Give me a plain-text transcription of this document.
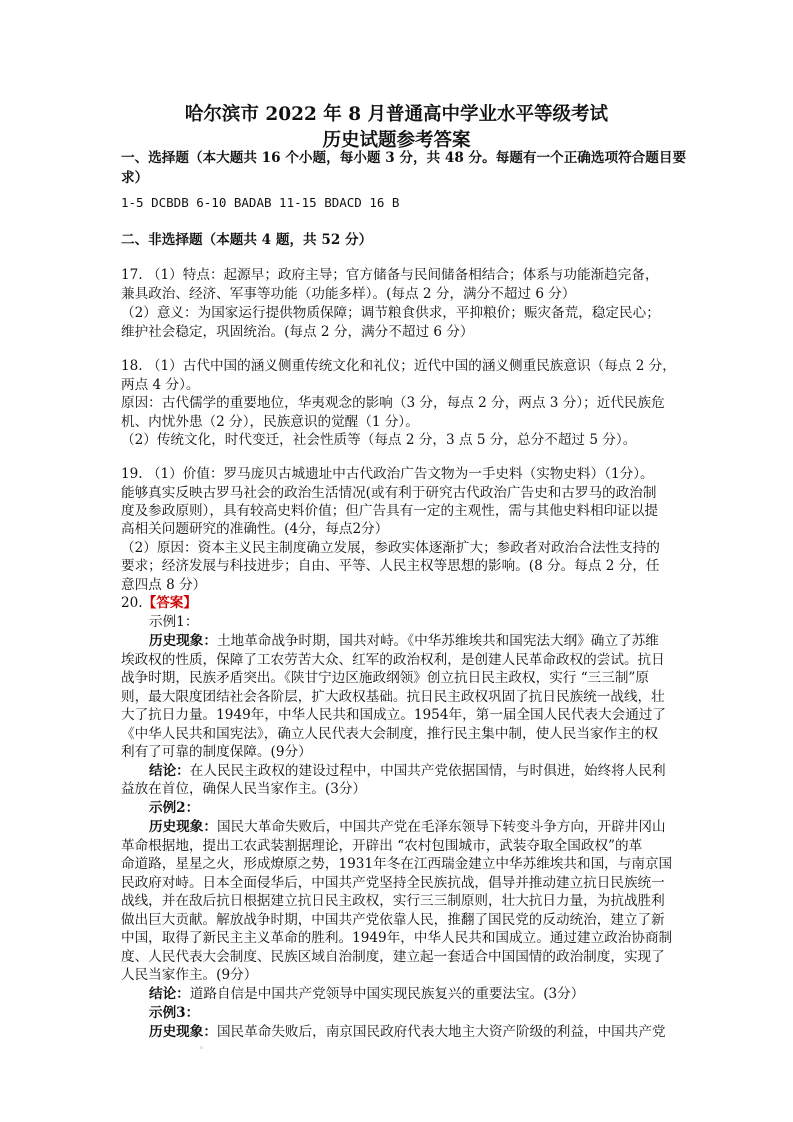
哈尔滨市 2022 年 8 月普通高中学业水平等级考试
历史试题参考答案
一、选择题（本大题共 16 个小题，每小题 3 分，共 48 分。每题有一个正确选项符合题目要
求）
1-5 DCBDB 6-10 BADAB 11-15 BDACD 16 B
二、非选择题（本题共 4 题，共 52 分）
17. （1）特点：起源早；政府主导；官方储备与民间储备相结合；体系与功能渐趋完备，
兼具政治、经济、军事等功能（功能多样）。(每点 2 分，满分不超过 6 分）
（2）意义：为国家运行提供物质保障；调节粮食供求，平抑粮价；赈灾备荒，稳定民心；
维护社会稳定，巩固统治。(每点 2 分，满分不超过 6 分）
18. （1）古代中国的涵义侧重传统文化和礼仪；近代中国的涵义侧重民族意识（每点 2 分，
两点 4 分）。
原因：古代儒学的重要地位，华夷观念的影响（3 分，每点 2 分，两点 3 分）；近代民族危
机、内忧外患（2 分），民族意识的觉醒（1 分）。
（2）传统文化，时代变迁，社会性质等（每点 2 分，3 点 5 分，总分不超过 5 分）。
19. （1）价值：罗马庞贝古城遗址中古代政治广告文物为一手史料（实物史料）（1分）。
能够真实反映古罗马社会的政治生活情况(或有利于研究古代政治广告史和古罗马的政治制
度及参政原则），具有较高史料价值；但广告具有一定的主观性，需与其他史料相印证以提
高相关问题研究的准确性。(4分，每点2分）
（2）原因：资本主义民主制度确立发展，参政实体逐渐扩大；参政者对政治合法性支持的
要求；经济发展与科技进步；自由、平等、人民主权等思想的影响。(8 分。每点 2 分，任
意四点 8 分）
20.【答案】
示例1：
历史现象：土地革命战争时期，国共对峙。《中华苏维埃共和国宪法大纲》确立了苏维
埃政权的性质，保障了工农劳苦大众、红军的政治权利，是创建人民革命政权的尝试。抗日
战争时期，民族矛盾突出。《陕甘宁边区施政纲领》创立抗日民主政权，实行 “三三制”原
则，最大限度团结社会各阶层，扩大政权基础。抗日民主政权巩固了抗日民族统一战线，壮
大了抗日力量。1949年，中华人民共和国成立。1954年，第一届全国人民代表大会通过了
《中华人民共和国宪法》，确立人民代表大会制度，推行民主集中制，使人民当家作主的权
利有了可靠的制度保障。(9分）
结论：在人民民主政权的建设过程中，中国共产党依据国情，与时俱进，始终将人民利
益放在首位，确保人民当家作主。(3分）
示例2：
历史现象：国民大革命失败后，中国共产党在毛泽东领导下转变斗争方向，开辟井冈山
革命根据地，提出工农武装割据理论，开辟出 “农村包围城市，武装夺取全国政权”的革
命道路，星星之火，形成燎原之势，1931年冬在江西瑞金建立中华苏维埃共和国，与南京国
民政府对峙。日本全面侵华后，中国共产党坚持全民族抗战，倡导并推动建立抗日民族统一
战线，并在敌后抗日根据建立抗日民主政权，实行三三制原则，壮大抗日力量，为抗战胜利
做出巨大贡献。解放战争时期，中国共产党依靠人民，推翻了国民党的反动统治，建立了新
中国，取得了新民主主义革命的胜利。1949年，中华人民共和国成立。通过建立政治协商制
度、人民代表大会制度、民族区域自治制度，建立起一套适合中国国情的政治制度，实现了
人民当家作主。(9分）
结论：道路自信是中国共产党领导中国实现民族复兴的重要法宝。(3分）
示例3：
历史现象：国民革命失败后，南京国民政府代表大地主大资产阶级的利益，中国共产党
